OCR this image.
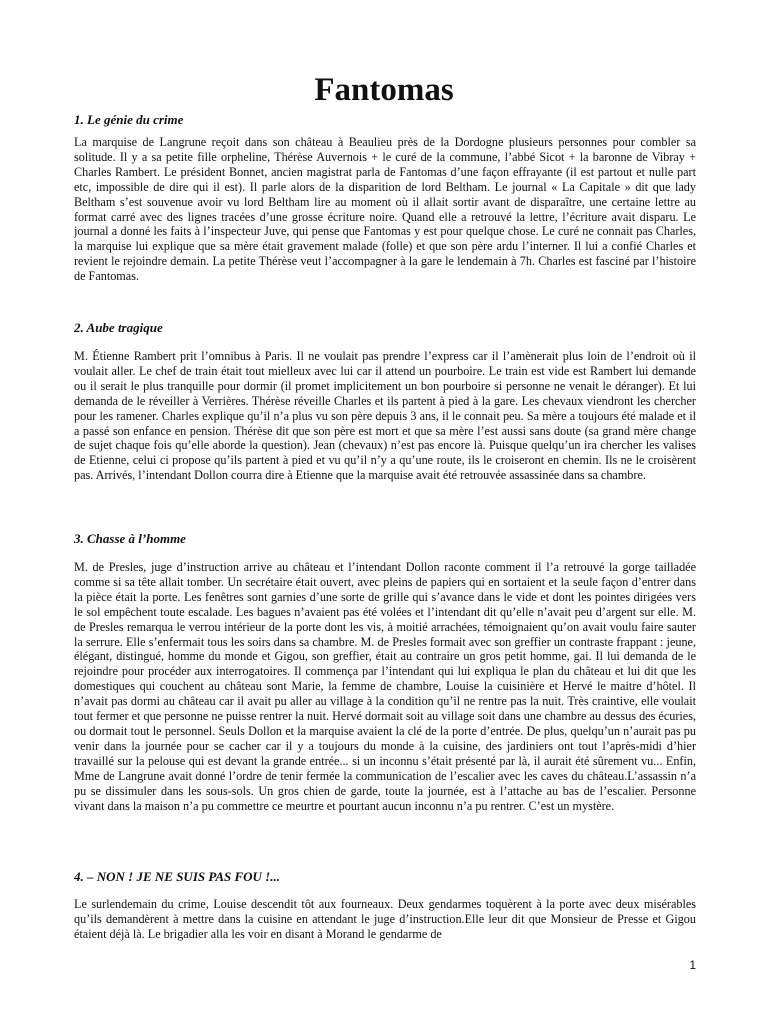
Fantomas
1. Le génie du crime

La marquise de Langrune reçoit dans son château à Beaulieu près de la Dordogne plusieurs personnes pour combler sa solitude. Il y a sa petite fille orpheline, Thérèse Auvernois + le curé de la commune, l’abbé Sicot + la baronne de Vibray + Charles Rambert. Le président Bonnet, ancien magistrat parla de Fantomas d’une façon effrayante (il est partout et nulle part etc, impossible de dire qui il est). Il parle alors de la disparition de lord Beltham. Le journal « La Capitale » dit que lady Beltham s’est souvenue avoir vu lord Beltham lire au moment où il allait sortir avant de disparaître, une certaine lettre au format carré avec des lignes tracées d’une grosse écriture noire. Quand elle a retrouvé la lettre, l’écriture avait disparu. Le journal a donné les faits à l’inspecteur Juve, qui pense que Fantomas y est pour quelque chose. Le curé ne connait pas Charles, la marquise lui explique que sa mère était gravement malade (folle) et que son père ardu l’interner. Il lui a confié Charles et revient le rejoindre demain. La petite Thérèse veut l’accompagner à la gare le lendemain à 7h. Charles est fasciné par l’histoire de Fantomas.

2. Aube tragique

M. Étienne Rambert prit l’omnibus à Paris. Il ne voulait pas prendre l’express car il l’amènerait plus loin de l’endroit où il voulait aller. Le chef de train était tout mielleux avec lui car il attend un pourboire. Le train est vide est Rambert lui demande ou il serait le plus tranquille pour dormir (il promet implicitement un bon pourboire si personne ne venait le déranger). Et lui demanda de le réveiller à Verrières. Thérèse réveille Charles et ils partent à pied à la gare. Les chevaux viendront les chercher pour les ramener. Charles explique qu’il n’a plus vu son père depuis 3 ans, il le connait peu. Sa mère a toujours été malade et il a passé son enfance en pension. Thérèse dit que son père est mort et que sa mère l’est aussi sans doute (sa grand mère change de sujet chaque fois qu’elle aborde la question). Jean (chevaux) n’est pas encore là. Puisque quelqu’un ira chercher les valises de Etienne, celui ci propose qu’ils partent à pied et vu qu’il n’y a qu’une route, ils le croiseront en chemin. Ils ne le croisèrent pas. Arrivés, l’intendant Dollon courra dire à Etienne que la marquise avait été retrouvée assassinée dans sa chambre.

3. Chasse à l’homme

M. de Presles, juge d’instruction arrive au château et l’intendant Dollon raconte comment il l’a retrouvé la gorge tailladée comme si sa tête allait tomber. Un secrétaire était ouvert, avec pleins de papiers qui en sortaient et la seule façon d’entrer dans la pièce était la porte. Les fenêtres sont garnies d’une sorte de grille qui s’avance dans le vide et dont les pointes dirigées vers le sol empêchent toute escalade. Les bagues n’avaient pas été volées et l’intendant dit qu’elle n’avait peu d’argent sur elle. M. de Presles remarqua le verrou intérieur de la porte dont les vis, à moitié arrachées, témoignaient qu’on avait voulu faire sauter la serrure. Elle s’enfermait tous les soirs dans sa chambre. M. de Presles formait avec son greffier un contraste frappant : jeune, élégant, distingué, homme du monde et Gigou, son greffier, était au contraire un gros petit homme, gai. Il lui demanda de le rejoindre pour procéder aux interrogatoires. Il commença par l’intendant qui lui expliqua le plan du château et lui dit que les domestiques qui couchent au château sont Marie, la femme de chambre, Louise la cuisinière et Hervé le maitre d’hôtel. Il n’avait pas dormi au château car il avait pu aller au village à la condition qu’il ne rentre pas la nuit. Très craintive, elle voulait tout fermer et que personne ne puisse rentrer la nuit. Hervé dormait soit au village soit dans une chambre au dessus des écuries, ou dormait tout le personnel. Seuls Dollon et la marquise avaient la clé de la porte d’entrée. De plus, quelqu’un n’aurait pas pu venir dans la journée pour se cacher car il y a toujours du monde à la cuisine, des jardiniers ont tout l’après-midi d’hier travaillé sur la pelouse qui est devant la grande entrée... si un inconnu s’était présenté par là, il aurait été sûrement vu... Enfin, Mme de Langrune avait donné l’ordre de tenir fermée la communication de l’escalier avec les caves du château.L’assassin n’a pu se dissimuler dans les sous-sols. Un gros chien de garde, toute la journée, est à l’attache au bas de l’escalier. Personne vivant dans la maison n’a pu commettre ce meurtre et pourtant aucun inconnu n’a pu rentrer. C’est un mystère.

4. – NON ! JE NE SUIS PAS FOU !...

Le surlendemain du crime, Louise descendit tôt aux fourneaux. Deux gendarmes toquèrent à la porte avec deux misérables qu’ils demandèrent à mettre dans la cuisine en attendant le juge d’instruction.Elle leur dit que Monsieur de Presse et Gigou étaient déjà là. Le brigadier alla les voir en disant à Morand le gendarme de

1
